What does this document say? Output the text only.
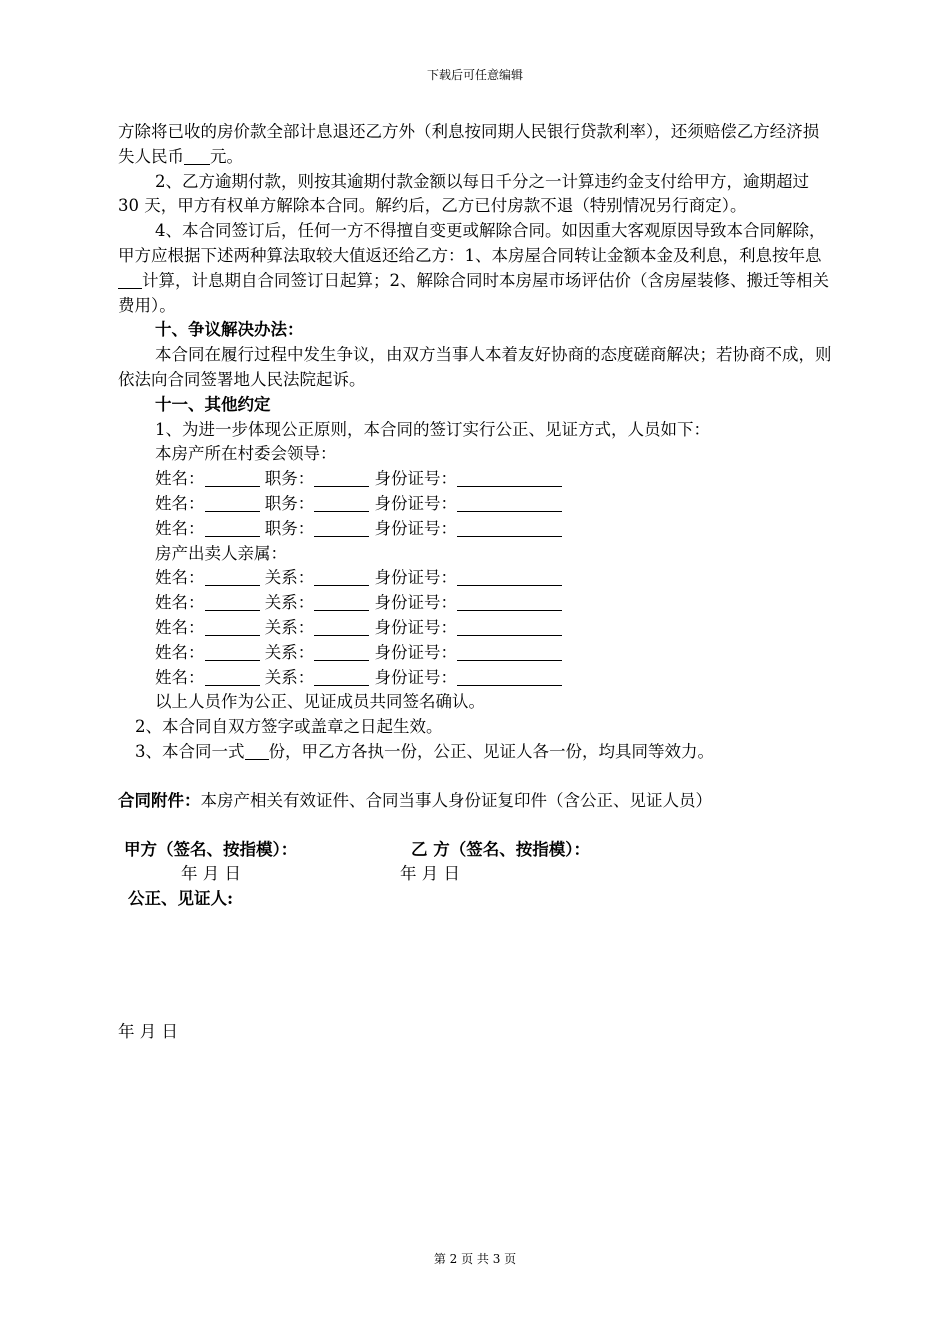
下载后可任意编辑

方除将已收的房价款全部计息退还乙方外（利息按同期人民银行贷款利率），还须赔偿乙方经济损失人民币 元。

2、乙方逾期付款，则按其逾期付款金额以每日千分之一计算违约金支付给甲方，逾期超过 30 天，甲方有权单方解除本合同。解约后，乙方已付房款不退（特别情况另行商定）。

4、本合同签订后，任何一方不得擅自变更或解除合同。如因重大客观原因导致本合同解除，甲方应根据下述两种算法取较大值返还给乙方：1、本房屋合同转让金额本金及利息，利息按年息计算，计息期自合同签订日起算；2、解除合同时本房屋市场评估价（含房屋装修、搬迁等相关费用）。

十、争议解决办法：

本合同在履行过程中发生争议，由双方当事人本着友好协商的态度磋商解决；若协商不成，则依法向合同签署地人民法院起诉。

十一、其他约定

1、为进一步体现公正原则，本合同的签订实行公正、见证方式，人员如下：

本房产所在村委会领导：

姓名：	职务：	身份证号：

姓名：	职务：	身份证号：

姓名：	职务：	身份证号：

房产出卖人亲属：

姓名：	关系：	身份证号：

姓名：	关系：	身份证号：

姓名：	关系：	身份证号：

姓名：	关系：	身份证号：

姓名：	关系：	身份证号：

以上人员作为公正、见证成员共同签名确认。

2、本合同自双方签字或盖章之日起生效。

3、本合同一式 份，甲乙方各执一份，公正、见证人各一份，均具同等效力。

合同附件：本房产相关有效证件、合同当事人身份证复印件（含公正、见证人员）

甲方（签名、按指模）：	乙 方（签名、按指模）：
年 月 日	年 月 日
公正、见证人:
年 月 日
第 2 页 共 3 页
